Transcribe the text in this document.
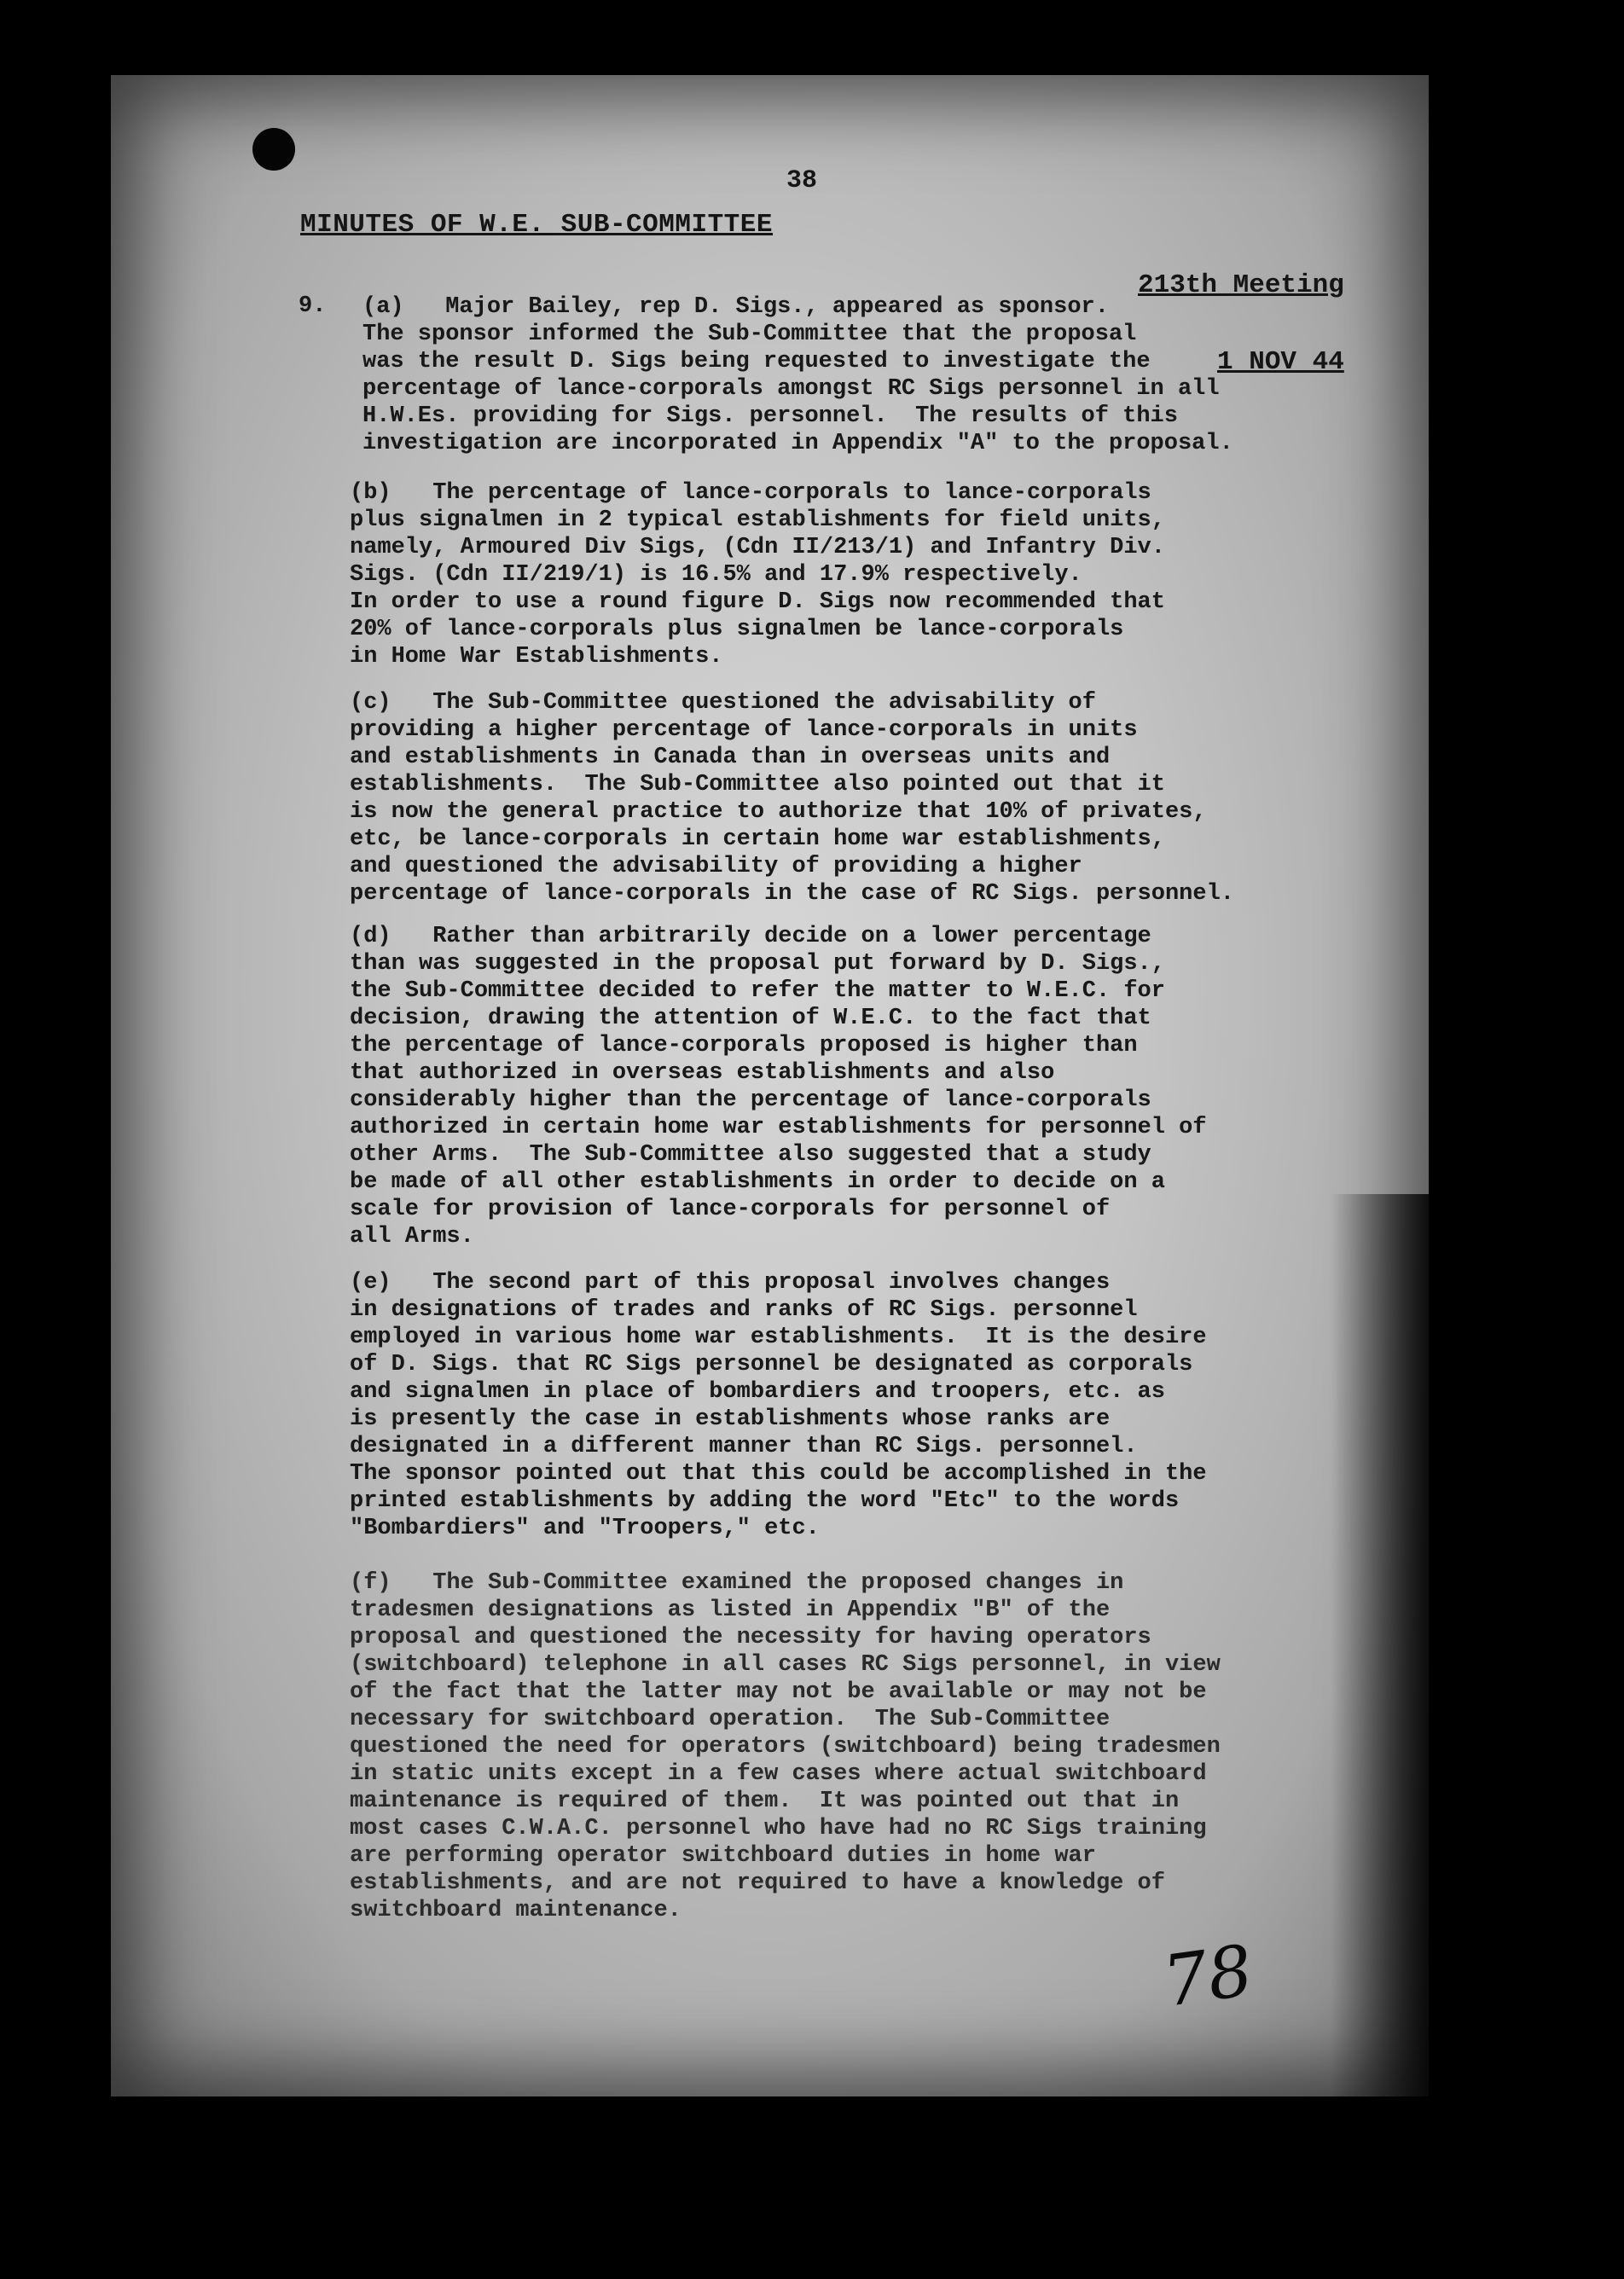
38
MINUTES OF W.E. SUB-COMMITTEE

213th Meeting

1 NOV 44

9. (a)   Major Bailey, rep D. Sigs., appeared as sponsor.
The sponsor informed the Sub-Committee that the proposal
was the result D. Sigs being requested to investigate the
percentage of lance-corporals amongst RC Sigs personnel in all
H.W.Es. providing for Sigs. personnel.  The results of this
investigation are incorporated in Appendix "A" to the proposal.
(b)   The percentage of lance-corporals to lance-corporals
plus signalmen in 2 typical establishments for field units,
namely, Armoured Div Sigs, (Cdn II/213/1) and Infantry Div.
Sigs. (Cdn II/219/1) is 16.5% and 17.9% respectively.
In order to use a round figure D. Sigs now recommended that
20% of lance-corporals plus signalmen be lance-corporals
in Home War Establishments.
(c)   The Sub-Committee questioned the advisability of
providing a higher percentage of lance-corporals in units
and establishments in Canada than in overseas units and
establishments.  The Sub-Committee also pointed out that it
is now the general practice to authorize that 10% of privates,
etc, be lance-corporals in certain home war establishments,
and questioned the advisability of providing a higher
percentage of lance-corporals in the case of RC Sigs. personnel.
(d)   Rather than arbitrarily decide on a lower percentage
than was suggested in the proposal put forward by D. Sigs.,
the Sub-Committee decided to refer the matter to W.E.C. for
decision, drawing the attention of W.E.C. to the fact that
the percentage of lance-corporals proposed is higher than
that authorized in overseas establishments and also
considerably higher than the percentage of lance-corporals
authorized in certain home war establishments for personnel of
other Arms.  The Sub-Committee also suggested that a study
be made of all other establishments in order to decide on a
scale for provision of lance-corporals for personnel of
all Arms.
(e)   The second part of this proposal involves changes
in designations of trades and ranks of RC Sigs. personnel
employed in various home war establishments.  It is the desire
of D. Sigs. that RC Sigs personnel be designated as corporals
and signalmen in place of bombardiers and troopers, etc. as
is presently the case in establishments whose ranks are
designated in a different manner than RC Sigs. personnel.
The sponsor pointed out that this could be accomplished in the
printed establishments by adding the word "Etc" to the words
"Bombardiers" and "Troopers," etc.
(f)   The Sub-Committee examined the proposed changes in
tradesmen designations as listed in Appendix "B" of the
proposal and questioned the necessity for having operators
(switchboard) telephone in all cases RC Sigs personnel, in view
of the fact that the latter may not be available or may not be
necessary for switchboard operation.  The Sub-Committee
questioned the need for operators (switchboard) being tradesmen
in static units except in a few cases where actual switchboard
maintenance is required of them.  It was pointed out that in
most cases C.W.A.C. personnel who have had no RC Sigs training
are performing operator switchboard duties in home war
establishments, and are not required to have a knowledge of
switchboard maintenance.
78
